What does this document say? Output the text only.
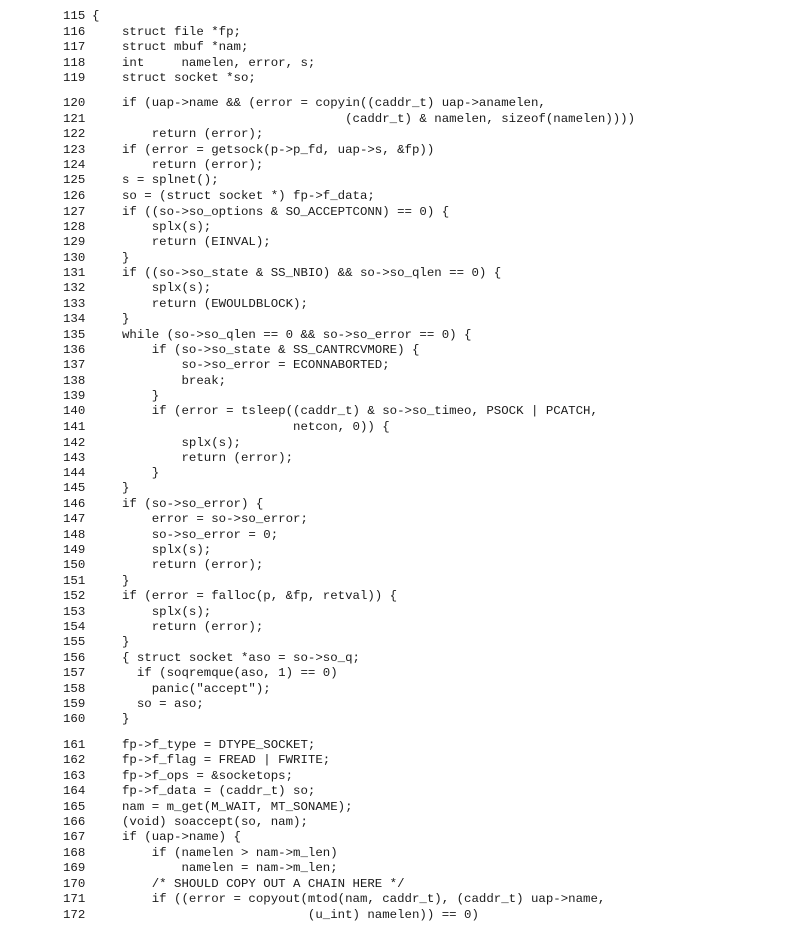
115 {
116	struct file *fp;
117	struct mbuf *nam;
118	int     namelen, error, s;
119	struct socket *so;
120	if (uap->name && (error = copyin((caddr_t) uap->anamelen,
121	(caddr_t) & namelen, sizeof(namelen))))
122	return (error);
123	if (error = getsock(p->p_fd, uap->s, &fp))
124	return (error);
125	s = splnet();
126	so = (struct socket *) fp->f_data;
127	if ((so->so_options & SO_ACCEPTCONN) == 0) {
128	splx(s);
129	return (EINVAL);
130	}
131	if ((so->so_state & SS_NBIO) && so->so_qlen == 0) {
132	splx(s);
133	return (EWOULDBLOCK);
134	}
135	while (so->so_qlen == 0 && so->so_error == 0) {
136	if (so->so_state & SS_CANTRCVMORE) {
137	so->so_error = ECONNABORTED;
138	break;
139	}
140	if (error = tsleep((caddr_t) & so->so_timeo, PSOCK | PCATCH,
141	netcon, 0)) {
142	splx(s);
143	return (error);
144	}
145	}
146	if (so->so_error) {
147	error = so->so_error;
148	so->so_error = 0;
149	splx(s);
150	return (error);
151	}
152	if (error = falloc(p, &fp, retval)) {
153	splx(s);
154	return (error);
155	}
156	{ struct socket *aso = so->so_q;
157	if (soqremque(aso, 1) == 0)
158	panic("accept");
159	so = aso;
160	}
161	fp->f_type = DTYPE_SOCKET;
162	fp->f_flag = FREAD | FWRITE;
163	fp->f_ops = &socketops;
164	fp->f_data = (caddr_t) so;
165	nam = m_get(M_WAIT, MT_SONAME);
166	(void) soaccept(so, nam);
167	if (uap->name) {
168	if (namelen > nam->m_len)
169	namelen = nam->m_len;
170	/* SHOULD COPY OUT A CHAIN HERE */
171	if ((error = copyout(mtod(nam, caddr_t), (caddr_t) uap->name,
172	(u_int) namelen)) == 0)
